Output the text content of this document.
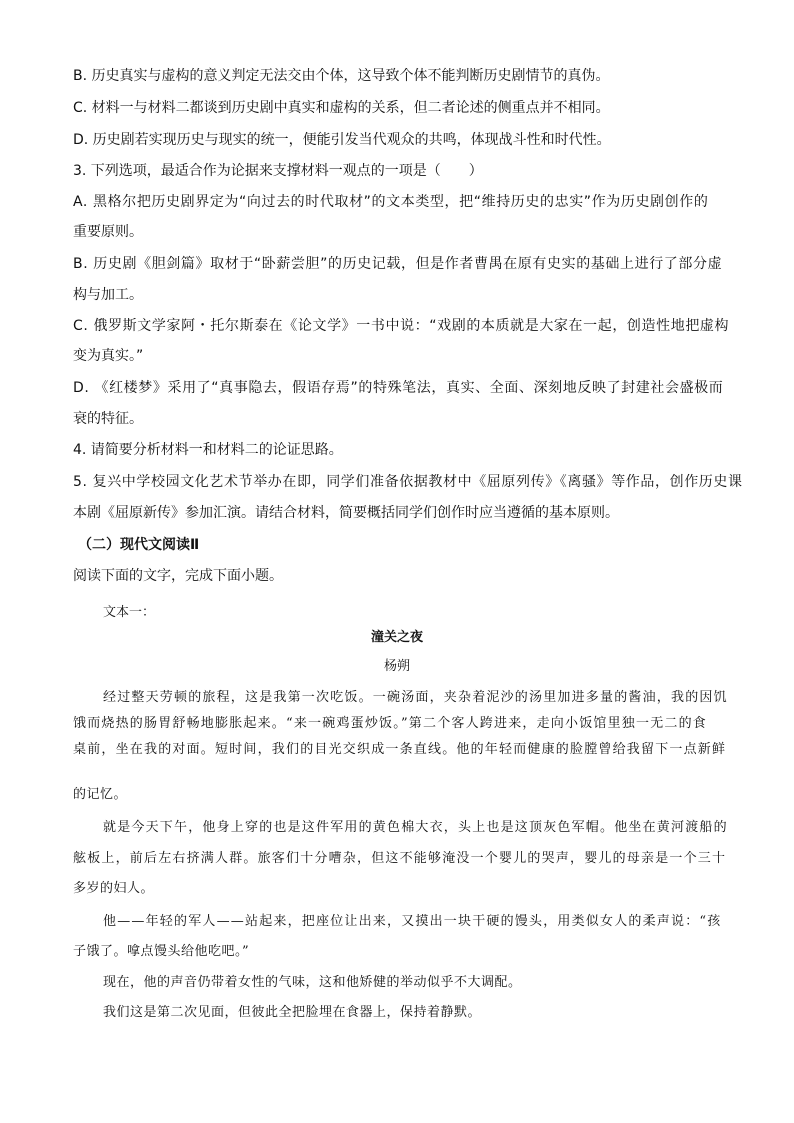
B. 历史真实与虚构的意义判定无法交由个体，这导致个体不能判断历史剧情节的真伪。
C. 材料一与材料二都谈到历史剧中真实和虚构的关系，但二者论述的侧重点并不相同。
D. 历史剧若实现历史与现实的统一，便能引发当代观众的共鸣，体现战斗性和时代性。
3. 下列选项，最适合作为论据来支撑材料一观点的一项是（　　）
A. 黑格尔把历史剧界定为“向过去的时代取材”的文本类型，把“维持历史的忠实”作为历史剧创作的
重要原则。
B. 历史剧《胆剑篇》取材于“卧薪尝胆”的历史记载，但是作者曹禺在原有史实的基础上进行了部分虚
构与加工。
C. 俄罗斯文学家阿・托尔斯泰在《论文学》一书中说：“戏剧的本质就是大家在一起，创造性地把虚构
变为真实。”
D. 《红楼梦》采用了“真事隐去，假语存焉”的特殊笔法，真实、全面、深刻地反映了封建社会盛极而
衰的特征。
4. 请简要分析材料一和材料二的论证思路。
5. 复兴中学校园文化艺术节举办在即，同学们准备依据教材中《屈原列传》《离骚》等作品，创作历史课
本剧《屈原新传》参加汇演。请结合材料，简要概括同学们创作时应当遵循的基本原则。
（二）现代文阅读Ⅱ
阅读下面的文字，完成下面小题。
文本一：
潼关之夜
杨朔
经过整天劳顿的旅程，这是我第一次吃饭。一碗汤面，夹杂着泥沙的汤里加进多量的酱油，我的因饥
饿而烧热的肠胃舒畅地膨胀起来。“来一碗鸡蛋炒饭。”第二个客人跨进来，走向小饭馆里独一无二的食
桌前，坐在我的对面。短时间，我们的目光交织成一条直线。他的年轻而健康的脸膛曾给我留下一点新鲜
的记忆。
就是今天下午，他身上穿的也是这件军用的黄色棉大衣，头上也是这顶灰色军帽。他坐在黄河渡船的
舷板上，前后左右挤满人群。旅客们十分嘈杂，但这不能够淹没一个婴儿的哭声，婴儿的母亲是一个三十
多岁的妇人。
他——年轻的军人——站起来，把座位让出来，又摸出一块干硬的馒头，用类似女人的柔声说：“孩
子饿了。嗱点馒头给他吃吧。”
现在，他的声音仍带着女性的气味，这和他矫健的举动似乎不大调配。
我们这是第二次见面，但彼此全把脸埋在食器上，保持着静默。
